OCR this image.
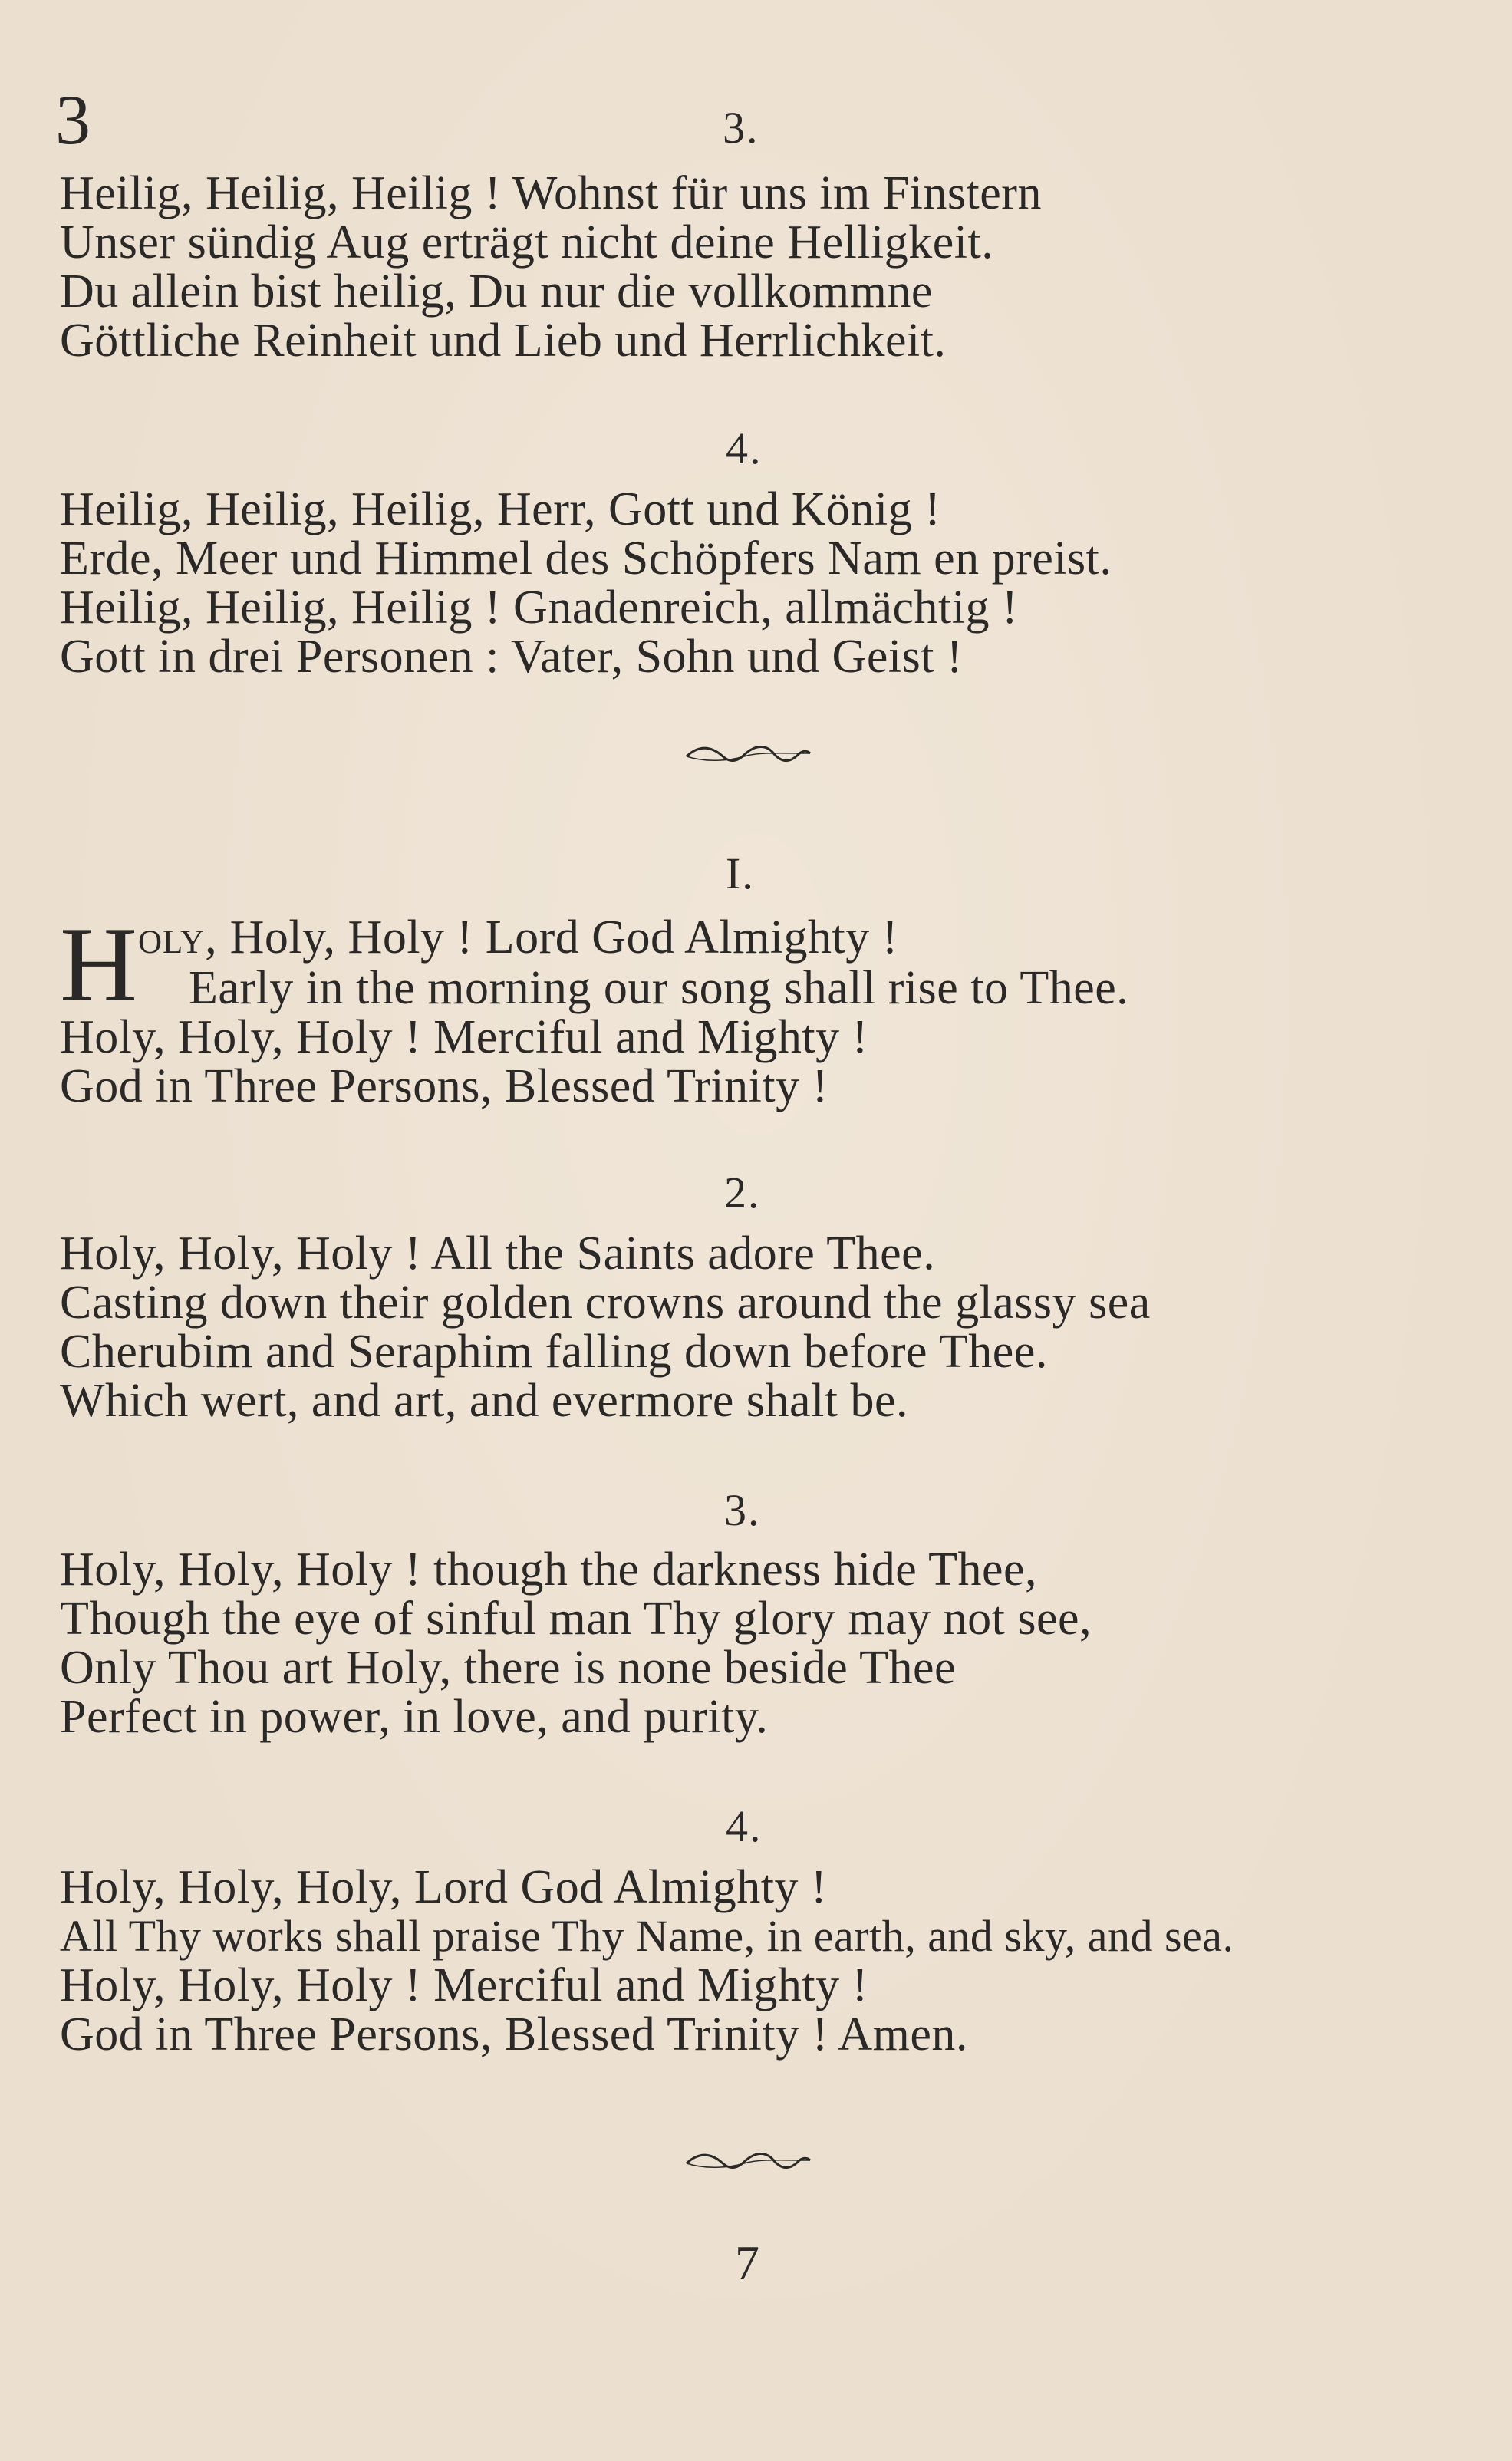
3	3.
Heilig, Heilig, Heilig ! Wohnst für uns im Finstern
Unser sündig Aug erträgt nicht deine Helligkeit.
Du allein bist heilig, Du nur die vollkommne
Göttliche Reinheit und Lieb und Herrlichkeit.
4.
Heilig, Heilig, Heilig, Herr, Gott und König !
Erde, Meer und Himmel des Schöpfers Nam en preist.
Heilig, Heilig, Heilig ! Gnadenreich, allmächtig !
Gott in drei Personen : Vater, Sohn und Geist !
I.
H oly, Holy, Holy ! Lord God Almighty !
Early in the morning our song shall rise to Thee.
Holy, Holy, Holy ! Merciful and Mighty !
God in Three Persons, Blessed Trinity !
2.
Holy, Holy, Holy ! All the Saints adore Thee.
Casting down their golden crowns around the glassy sea
Cherubim and Seraphim falling down before Thee.
Which wert, and art, and evermore shalt be.
3.
Holy, Holy, Holy ! though the darkness hide Thee,
Though the eye of sinful man Thy glory may not see,
Only Thou art Holy, there is none beside Thee
Perfect in power, in love, and purity.
4.
Holy, Holy, Holy, Lord God Almighty !
All Thy works shall praise Thy Name, in earth, and sky, and sea.
Holy, Holy, Holy ! Merciful and Mighty !
God in Three Persons, Blessed Trinity ! Amen.
7
